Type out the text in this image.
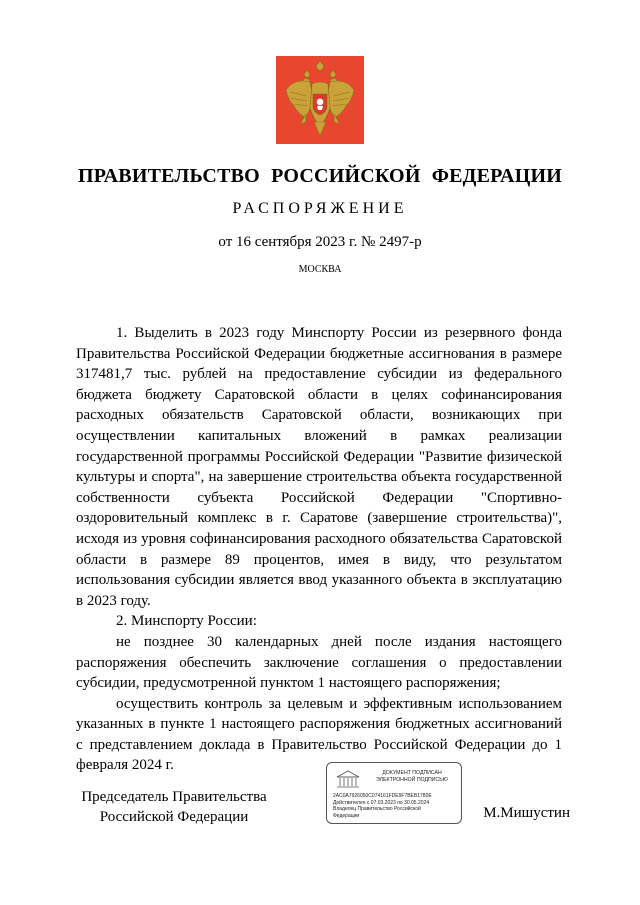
ПРАВИТЕЛЬСТВО РОССИЙСКОЙ ФЕДЕРАЦИИ
РАСПОРЯЖЕНИЕ
от 16 сентября 2023 г. № 2497-р
МОСКВА

1. Выделить в 2023 году Минспорту России из резервного фонда Правительства Российской Федерации бюджетные ассигнования в размере 317481,7 тыс. рублей на предоставление субсидии из федерального бюджета бюджету Саратовской области в целях софинансирования расходных обязательств Саратовской области, возникающих при осуществлении капитальных вложений в рамках реализации государственной программы Российской Федерации "Развитие физической культуры и спорта", на завершение строительства объекта государственной собственности субъекта Российской Федерации "Спортивно-оздоровительный комплекс в г. Саратове (завершение строительства)", исходя из уровня софинансирования расходного обязательства Саратовской области в размере 89 процентов, имея в виду, что результатом использования субсидии является ввод указанного объекта в эксплуатацию в 2023 году.

2. Минспорту России:

не позднее 30 календарных дней после издания настоящего распоряжения обеспечить заключение соглашения о предоставлении субсидии, предусмотренной пунктом 1 настоящего распоряжения;

осуществить контроль за целевым и эффективным использованием указанных в пункте 1 настоящего распоряжения бюджетных ассигнований с представлением доклада в Правительство Российской Федерации до 1 февраля 2024 г.

Председатель Правительства
Российской Федерации
ДОКУМЕНТ ПОДПИСАН
ЭЛЕКТРОННОЙ ПОДПИСЬЮ
2AC0A7926050C074161FDE9F7BEB1780E
Действителен с 07.03.2023 по 30.05.2024
Владелец Правительство Российской
Федерации	М.Мишустин
